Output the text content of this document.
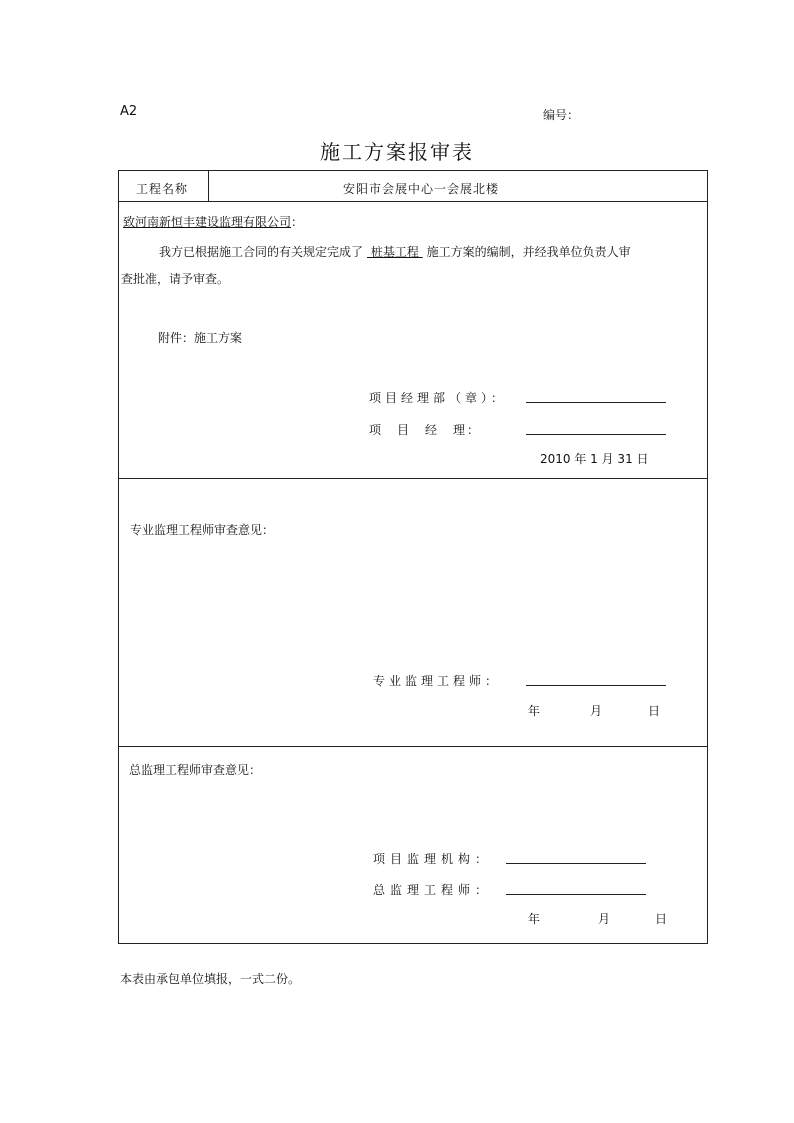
A2	编号：
施工方案报审表
工程名称	安阳市会展中心一会展北楼
致河南新恒丰建设监理有限公司：
我方已根据施工合同的有关规定完成了 桩基工程 施工方案的编制，并经我单位负责人审
查批准，请予审查。
附件：施工方案
项目经理部（章）：
项　目　经　理：
2010 年 1 月 31 日
专业监理工程师审查意见：
专业监理工程师：
年	月	日
总监理工程师审查意见：
项目监理机构：
总监理工程师：
年	月	日
本表由承包单位填报，一式二份。
